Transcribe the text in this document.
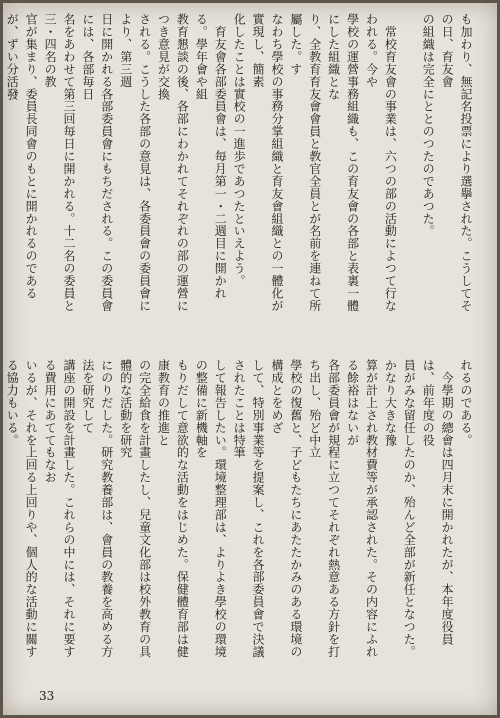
も加わり、無記名投票により選擧された。こうしてその日、育友會
の組織は完全にととのつたのであつた。

　常校育友會の事業は、六つの部の活動によつて行なわれる。今や
學校の運營事務組織も、この育友會の各部と表裏一體にした組織とな
り、全教育育友會會員と教官全員とが名前を連ねて所屬した。す
なわち學校の事務分掌組織と育友會組織との一體化が實現し、簡素
化したことは實校の一進歩であつたといえよう。
　育友會各部委員會は、毎月第一・二週目に開かれる。學年會や組
教育懇談の後、各部にわかれてそれぞれの部の運營につき意見が交換
される。こうした各部の意見は、各委員會の委員會により、第三週
日に開かれる各部委員會にもちだされる。この委員會には、各部毎日
名をあわせて第三回毎日に開かれる。十二名の委員と三・四名の教
官が集まり、委員長同會のもとに開かれるのであるが、ずい分活發

れるのである。
　今學期の總會は四月末に開かれたが、本年度役員は、前年度の役
員がみな留任したのか、殆んど全部が新任となつた。かなり大きな豫
算が計上され教材費等が承認された。その内容にふれる餘裕はないが
各部委員會が規程に立つてそれぞれ熱意ある方針を打ち出し、殆ど中立
學校の復舊と、子どもたちにあたたかみのある環境の構成とをめざ
して、特別事業等を提案し、これを各部委員會で決議されたことは特筆
して報告したい。環境整理部は、よりよき學校の環境の整備に新機軸を
もりだして意欲的な活動をはじめた。保健體育部は健康教育の推進と
の完全給食を計畫したし、兒童文化部は校外教育の具體的な活動を研究
にのりだした。研究教養部は、會員の教養を高める方法を研究して
講座の開設を計畫した。これらの中には、それに要する費用にあててもなお
いるが、それを上回る上回りや、個人的な活動に關する協力もいる。

33
